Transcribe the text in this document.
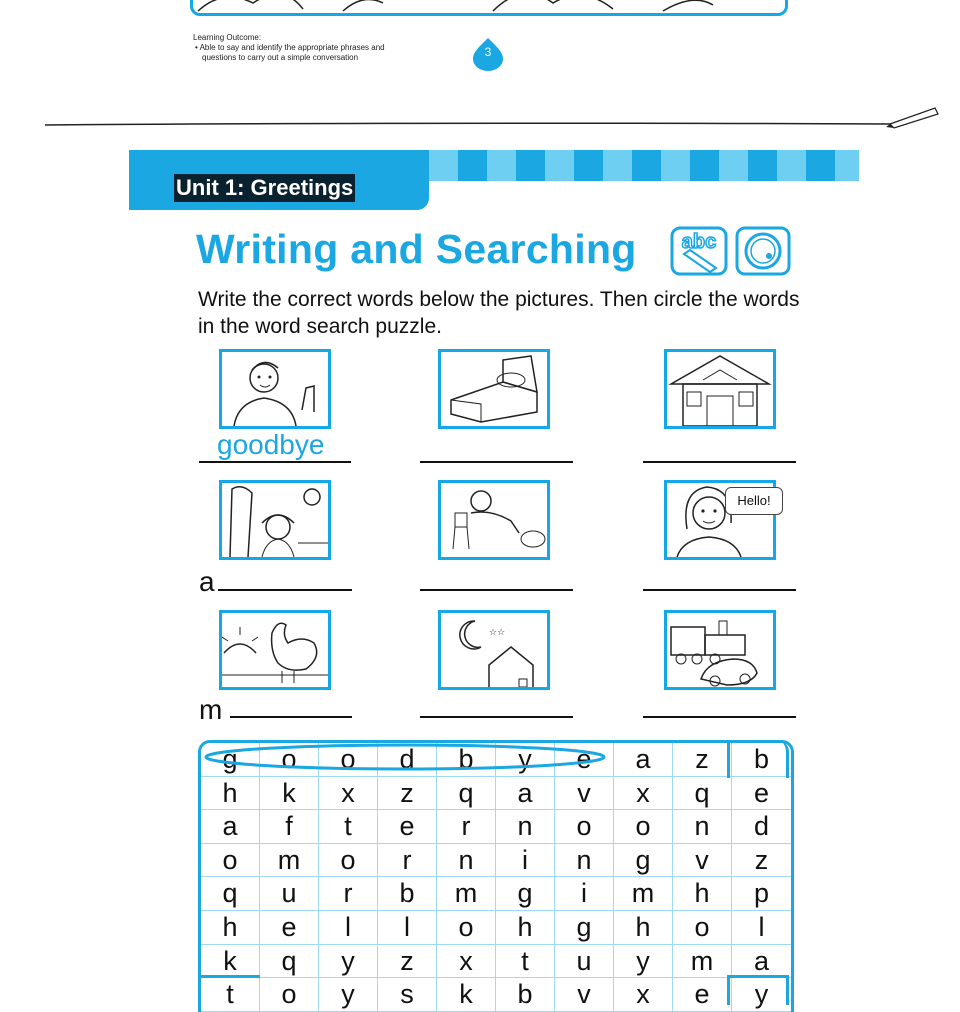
Learning Outcome:
• Able to say and identify the appropriate phrases and
questions to carry out a simple conversation	3
Unit 1: Greetings
Writing and Searching abc
Write the correct words below the pictures. Then circle the words in the word search puzzle.
goodbye
Hello!
a
☆☆
m
g	o	o	d	b	y	e	a	z	b
h	k	x	z	q	a	v	x	q	e
a	f	t	e	r	n	o	o	n	d
o	m	o	r	n	i	n	g	v	z
q	u	r	b	m	g	i	m	h	p
h	e	l	l	o	h	g	h	o	l
k	q	y	z	x	t	u	y	m	a
t	o	y	s	k	b	v	x	e	y
